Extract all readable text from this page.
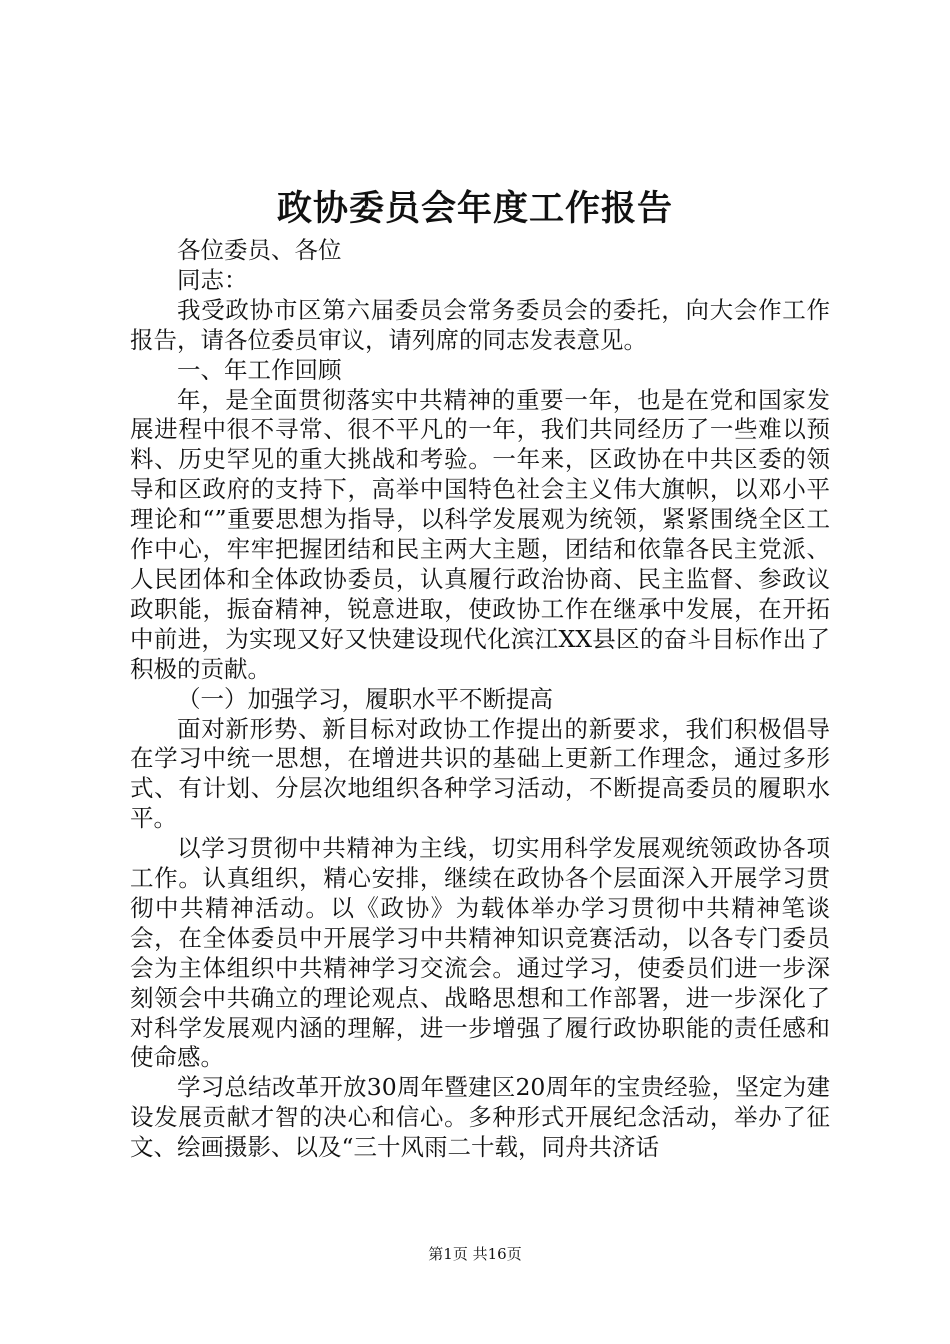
政协委员会年度工作报告

各位委员、各位

同志：

我受政协市区第六届委员会常务委员会的委托，向大会作工作报告，请各位委员审议，请列席的同志发表意见。

一、年工作回顾

年，是全面贯彻落实中共精神的重要一年，也是在党和国家发展进程中很不寻常、很不平凡的一年，我们共同经历了一些难以预料、历史罕见的重大挑战和考验。一年来，区政协在中共区委的领导和区政府的支持下，高举中国特色社会主义伟大旗帜，以邓小平理论和“”重要思想为指导，以科学发展观为统领，紧紧围绕全区工作中心，牢牢把握团结和民主两大主题，团结和依靠各民主党派、人民团体和全体政协委员，认真履行政治协商、民主监督、参政议政职能，振奋精神，锐意进取，使政协工作在继承中发展，在开拓中前进，为实现又好又快建设现代化滨江XX县区的奋斗目标作出了积极的贡献。

（一）加强学习，履职水平不断提高

面对新形势、新目标对政协工作提出的新要求，我们积极倡导在学习中统一思想，在增进共识的基础上更新工作理念，通过多形式、有计划、分层次地组织各种学习活动，不断提高委员的履职水平。

以学习贯彻中共精神为主线，切实用科学发展观统领政协各项工作。认真组织，精心安排，继续在政协各个层面深入开展学习贯彻中共精神活动。以《政协》为载体举办学习贯彻中共精神笔谈会，在全体委员中开展学习中共精神知识竞赛活动，以各专门委员会为主体组织中共精神学习交流会。通过学习，使委员们进一步深刻领会中共确立的理论观点、战略思想和工作部署，进一步深化了对科学发展观内涵的理解，进一步增强了履行政协职能的责任感和使命感。

学习总结改革开放30周年暨建区20周年的宝贵经验，坚定为建设发展贡献才智的决心和信心。多种形式开展纪念活动，举办了征文、绘画摄影、以及“三十风雨二十载，同舟共济话

第1页 共16页
